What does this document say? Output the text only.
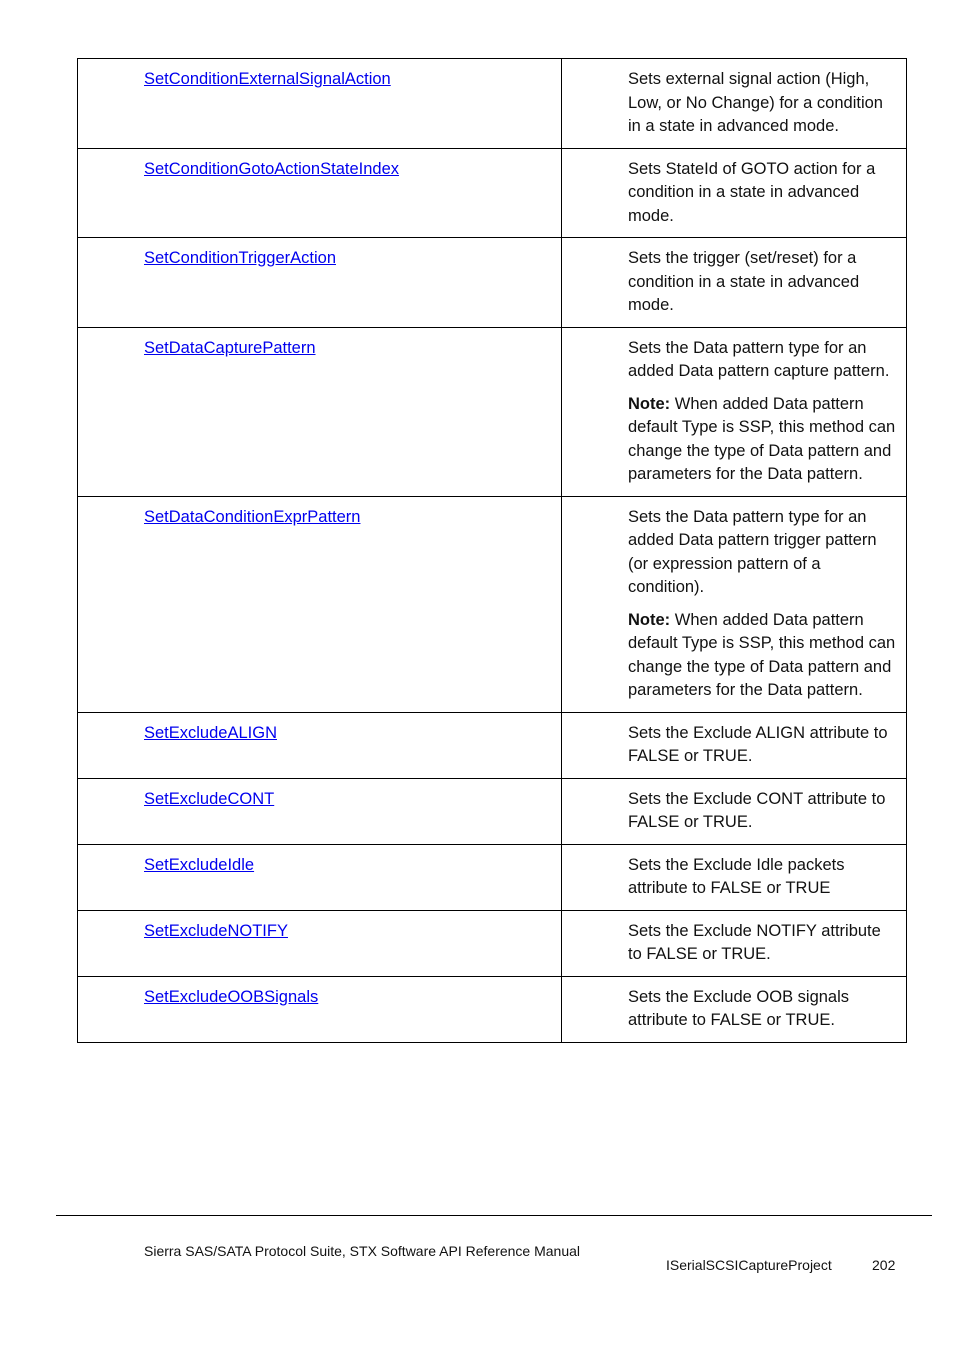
SetConditionExternalSignalAction	Sets external signal action (High, Low, or No Change) for a condition in a state in advanced mode.

SetConditionGotoActionStateIndex	Sets StateId of GOTO action for a condition in a state in advanced mode.

SetConditionTriggerAction	Sets the trigger (set/reset) for a condition in a state in advanced mode.

SetDataCapturePattern	Sets the Data pattern type for an added Data pattern capture pattern.

Note: When added Data pattern default Type is SSP, this method can change the type of Data pattern and parameters for the Data pattern.

SetDataConditionExprPattern	Sets the Data pattern type for an added Data pattern trigger pattern (or expression pattern of a condition).

Note: When added Data pattern default Type is SSP, this method can change the type of Data pattern and parameters for the Data pattern.

SetExcludeALIGN	Sets the Exclude ALIGN attribute to FALSE or TRUE.

SetExcludeCONT	Sets the Exclude CONT attribute to FALSE or TRUE.

SetExcludeIdle	Sets the Exclude Idle packets attribute to FALSE or TRUE

SetExcludeNOTIFY	Sets the Exclude NOTIFY attribute to FALSE or TRUE.

SetExcludeOOBSignals	Sets the Exclude OOB signals attribute to FALSE or TRUE.

Sierra SAS/SATA Protocol Suite, STX Software API Reference Manual
ISerialSCSICaptureProject	202
